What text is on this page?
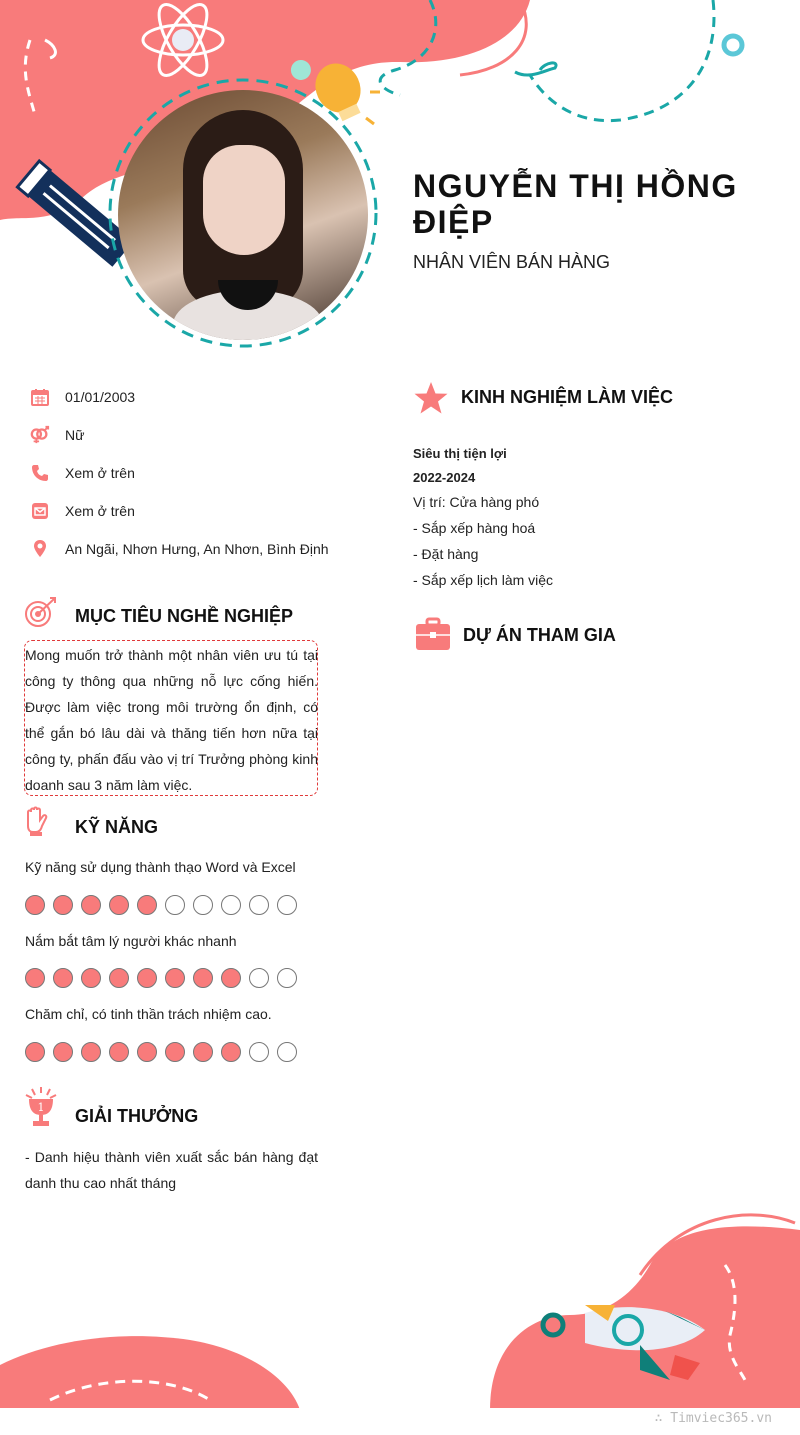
NGUYỄN THỊ HỒNG ĐIỆP
NHÂN VIÊN BÁN HÀNG
01/01/2003
Nữ
Xem ở trên
Xem ở trên
An Ngãi, Nhơn Hưng, An Nhơn, Bình Định
MỤC TIÊU NGHỀ NGHIỆP
Mong muốn trở thành một nhân viên ưu tú tại công ty thông qua những nỗ lực cống hiến. Được làm việc trong môi trường ổn định, có thể gắn bó lâu dài và thăng tiến hơn nữa tại công ty, phấn đấu vào vị trí Trưởng phòng kinh doanh sau 3 năm làm việc.
KỸ NĂNG
Kỹ năng sử dụng thành thạo Word và Excel
Nắm bắt tâm lý người khác nhanh
Chăm chỉ, có tinh thần trách nhiệm cao.
1 GIẢI THƯỞNG
- Danh hiệu thành viên xuất sắc bán hàng đạt danh thu cao nhất tháng
KINH NGHIỆM LÀM VIỆC
Siêu thị tiện lợi
2022-2024
Vị trí: Cửa hàng phó
- Sắp xếp hàng hoá
- Đặt hàng
- Sắp xếp lịch làm việc
DỰ ÁN THAM GIA
∴ Timviec365.vn
